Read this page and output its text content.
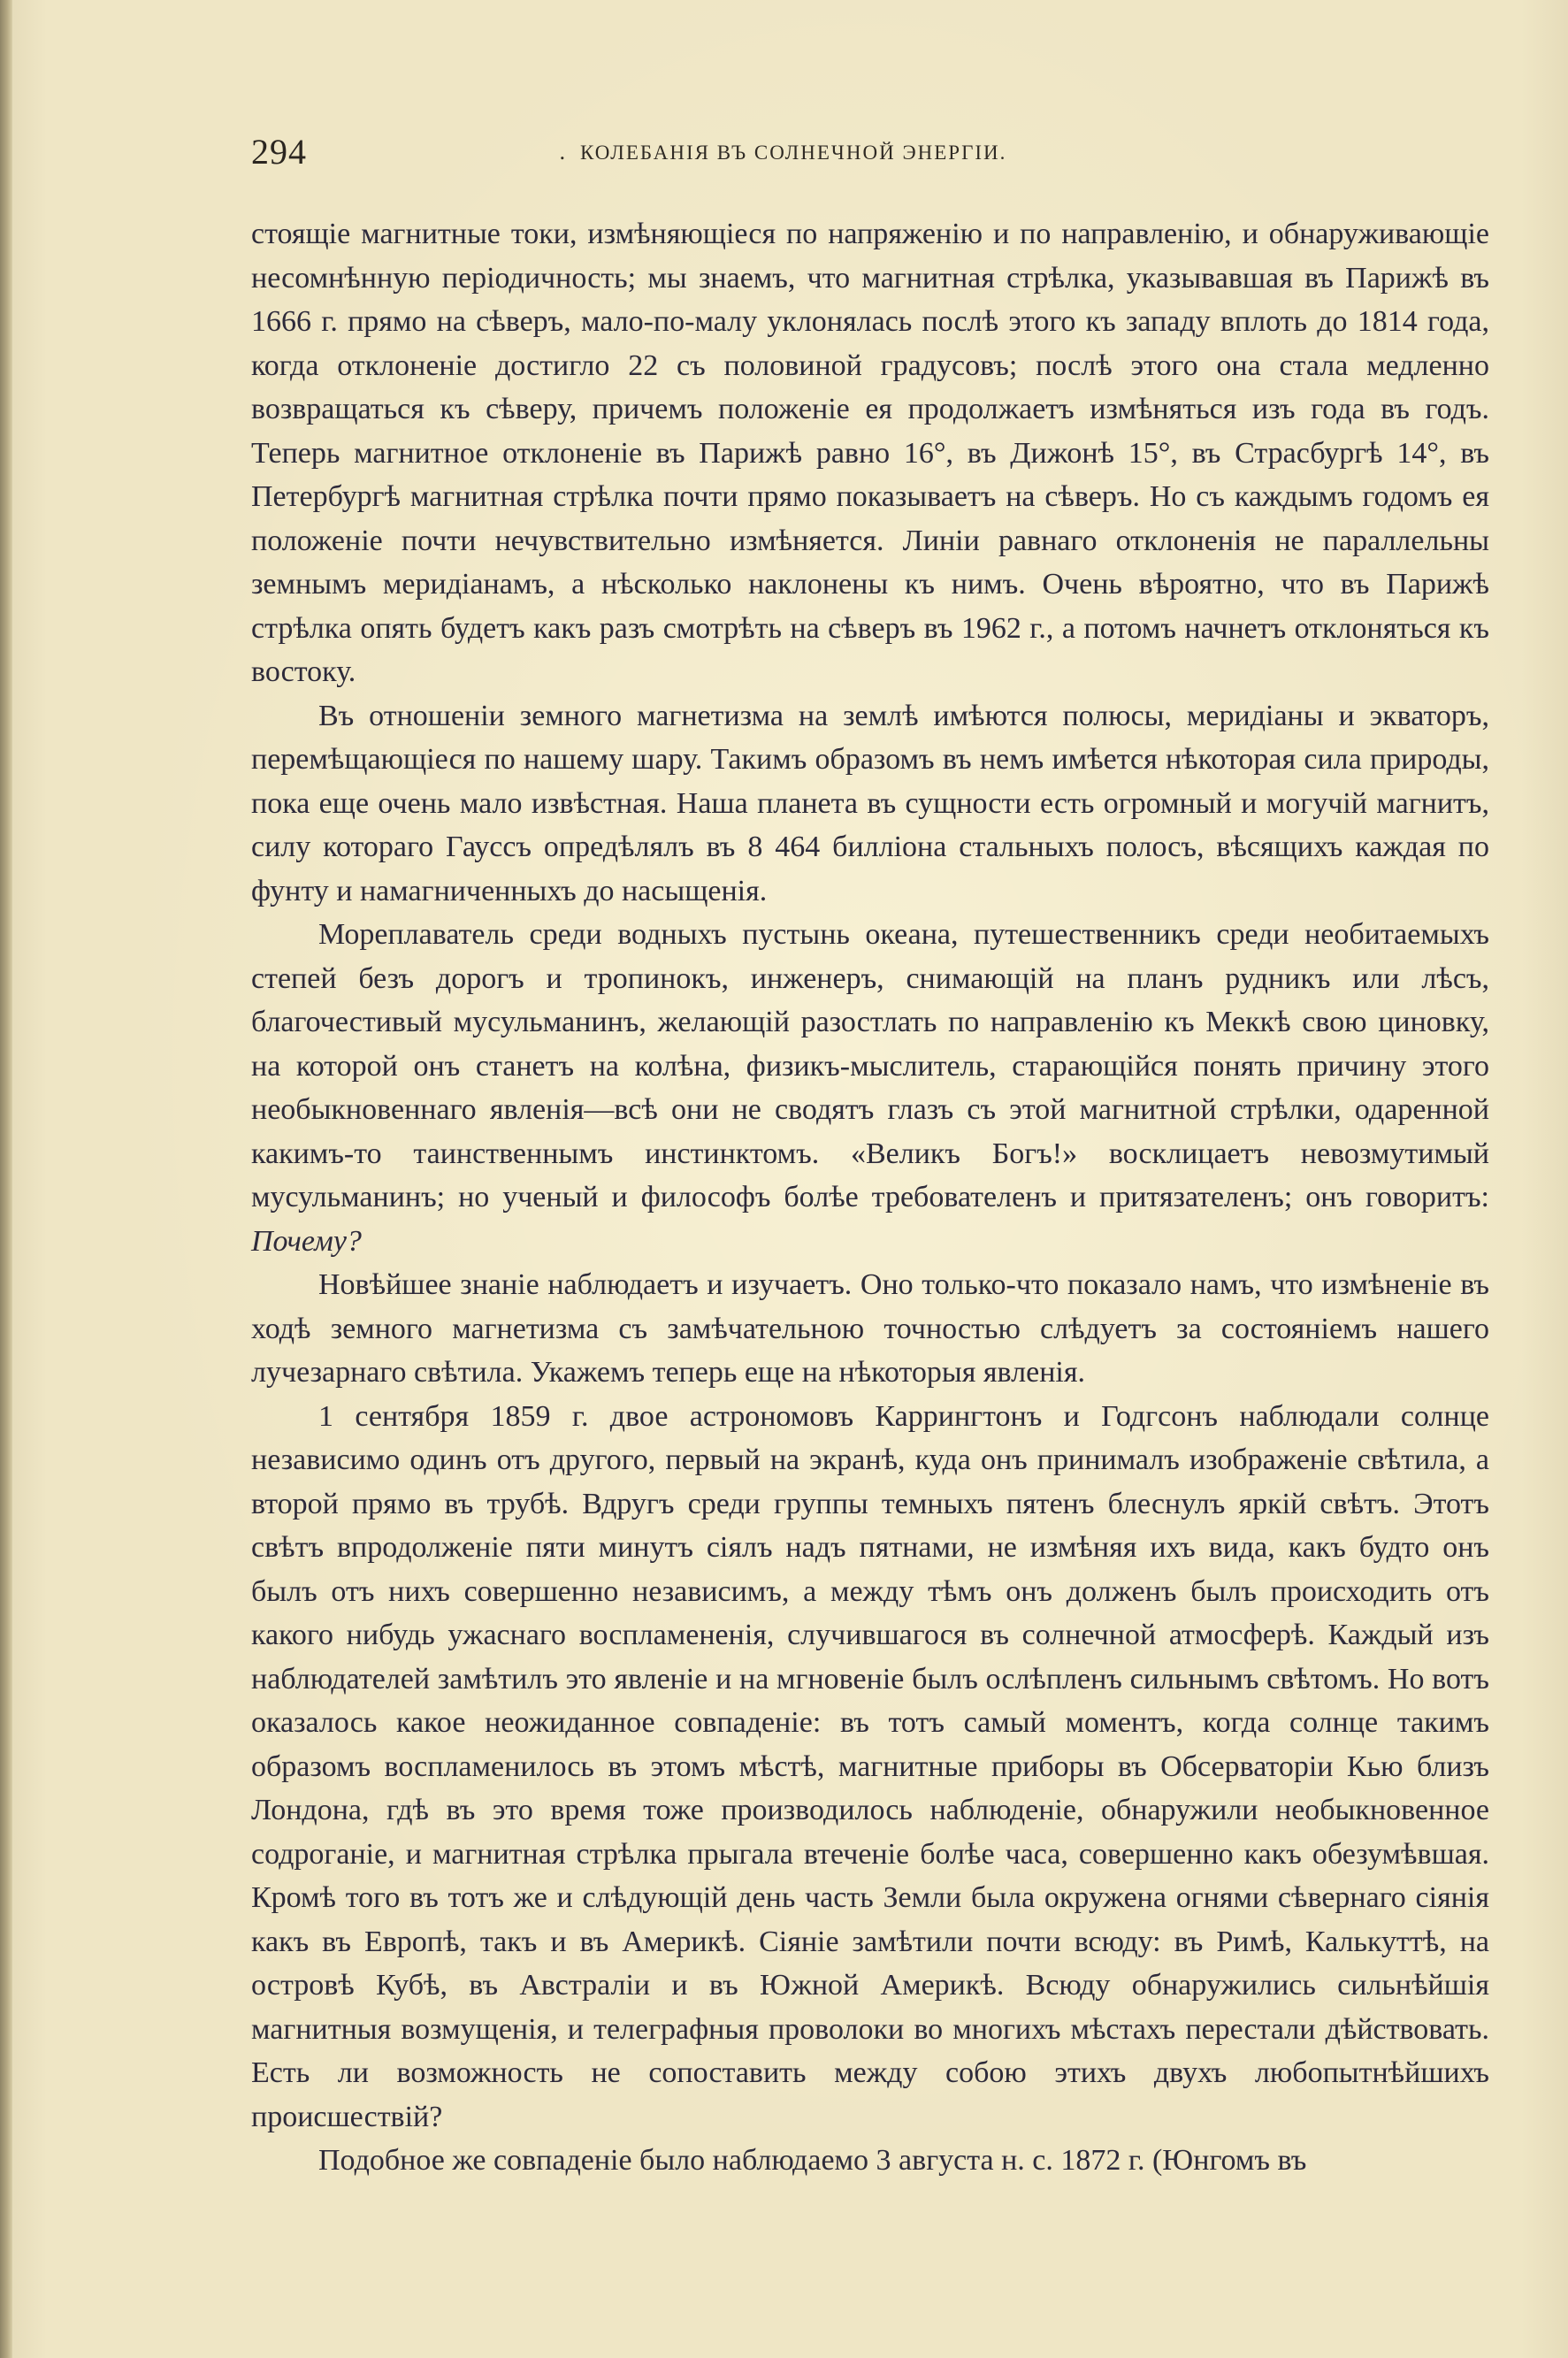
294	. КОЛЕБАНІЯ ВЪ СОЛНЕЧНОЙ ЭНЕРГІИ.

стоящіе магнитные токи, измѣняющіеся по напряженію и по направленію, и обнаруживающіе несомнѣнную періодичность; мы знаемъ, что магнитная стрѣлка, указывавшая въ Парижѣ въ 1666 г. прямо на сѣверъ, мало-по-малу уклонялась послѣ этого къ западу вплоть до 1814 года, когда отклоненіе достигло 22 съ половиной градусовъ; послѣ этого она стала медленно возвращаться къ сѣверу, причемъ положеніе ея продолжаетъ измѣняться изъ года въ годъ. Теперь магнитное отклоненіе въ Парижѣ равно 16°, въ Дижонѣ 15°, въ Страсбургѣ 14°, въ Петербургѣ магнитная стрѣлка почти прямо показываетъ на сѣверъ. Но съ каждымъ годомъ ея положеніе почти нечувствительно измѣняется. Линіи равнаго отклоненія не параллельны земнымъ меридіанамъ, а нѣсколько наклонены къ нимъ. Очень вѣроятно, что въ Парижѣ стрѣлка опять будетъ какъ разъ смотрѣть на сѣверъ въ 1962 г., а потомъ начнетъ отклоняться къ востоку.

Въ отношеніи земного магнетизма на землѣ имѣются полюсы, меридіаны и экваторъ, перемѣщающіеся по нашему шару. Такимъ образомъ въ немъ имѣется нѣкоторая сила природы, пока еще очень мало извѣстная. Наша планета въ сущности есть огромный и могучій магнитъ, силу котораго Гауссъ опредѣлялъ въ 8 464 билліона стальныхъ полосъ, вѣсящихъ каждая по фунту и намагниченныхъ до насыщенія.

Мореплаватель среди водныхъ пустынь океана, путешественникъ среди необитаемыхъ степей безъ дорогъ и тропинокъ, инженеръ, снимающій на планъ рудникъ или лѣсъ, благочестивый мусульманинъ, желающій разостлать по направленію къ Меккѣ свою циновку, на которой онъ станетъ на колѣна, физикъ-мыслитель, старающійся понять причину этого необыкновеннаго явленія—всѣ они не сводятъ глазъ съ этой магнитной стрѣлки, одаренной какимъ-то таинственнымъ инстинктомъ. «Великъ Богъ!» восклицаетъ невозмутимый мусульманинъ; но ученый и философъ болѣе требователенъ и притязателенъ; онъ говоритъ: Почему?

Новѣйшее знаніе наблюдаетъ и изучаетъ. Оно только-что показало намъ, что измѣненіе въ ходѣ земного магнетизма съ замѣчательною точностью слѣдуетъ за состояніемъ нашего лучезарнаго свѣтила. Укажемъ теперь еще на нѣкоторыя явленія.

1 сентября 1859 г. двое астрономовъ Каррингтонъ и Годгсонъ наблюдали солнце независимо одинъ отъ другого, первый на экранѣ, куда онъ принималъ изображеніе свѣтила, а второй прямо въ трубѣ. Вдругъ среди группы темныхъ пятенъ блеснулъ яркій свѣтъ. Этотъ свѣтъ впродолженіе пяти минутъ сіялъ надъ пятнами, не измѣняя ихъ вида, какъ будто онъ былъ отъ нихъ совершенно независимъ, а между тѣмъ онъ долженъ былъ происходить отъ какого нибудь ужаснаго воспламененія, случившагося въ солнечной атмосферѣ. Каждый изъ наблюдателей замѣтилъ это явленіе и на мгновеніе былъ ослѣпленъ сильнымъ свѣтомъ. Но вотъ оказалось какое неожиданное совпаденіе: въ тотъ самый моментъ, когда солнце такимъ образомъ воспламенилось въ этомъ мѣстѣ, магнитные приборы въ Обсерваторіи Кью близъ Лондона, гдѣ въ это время тоже производилось наблюденіе, обнаружили необыкновенное содроганіе, и магнитная стрѣлка прыгала втеченіе болѣе часа, совершенно какъ обезумѣвшая. Кромѣ того въ тотъ же и слѣдующій день часть Земли была окружена огнями сѣвернаго сіянія какъ въ Европѣ, такъ и въ Америкѣ. Сіяніе замѣтили почти всюду: въ Римѣ, Калькуттѣ, на островѣ Кубѣ, въ Австраліи и въ Южной Америкѣ. Всюду обнаружились сильнѣйшія магнитныя возмущенія, и телеграфныя проволоки во многихъ мѣстахъ перестали дѣйствовать. Есть ли возможность не сопоставить между собою этихъ двухъ любопытнѣйшихъ происшествій?

Подобное же совпаденіе было наблюдаемо 3 августа н. с. 1872 г. (Юнгомъ въ
